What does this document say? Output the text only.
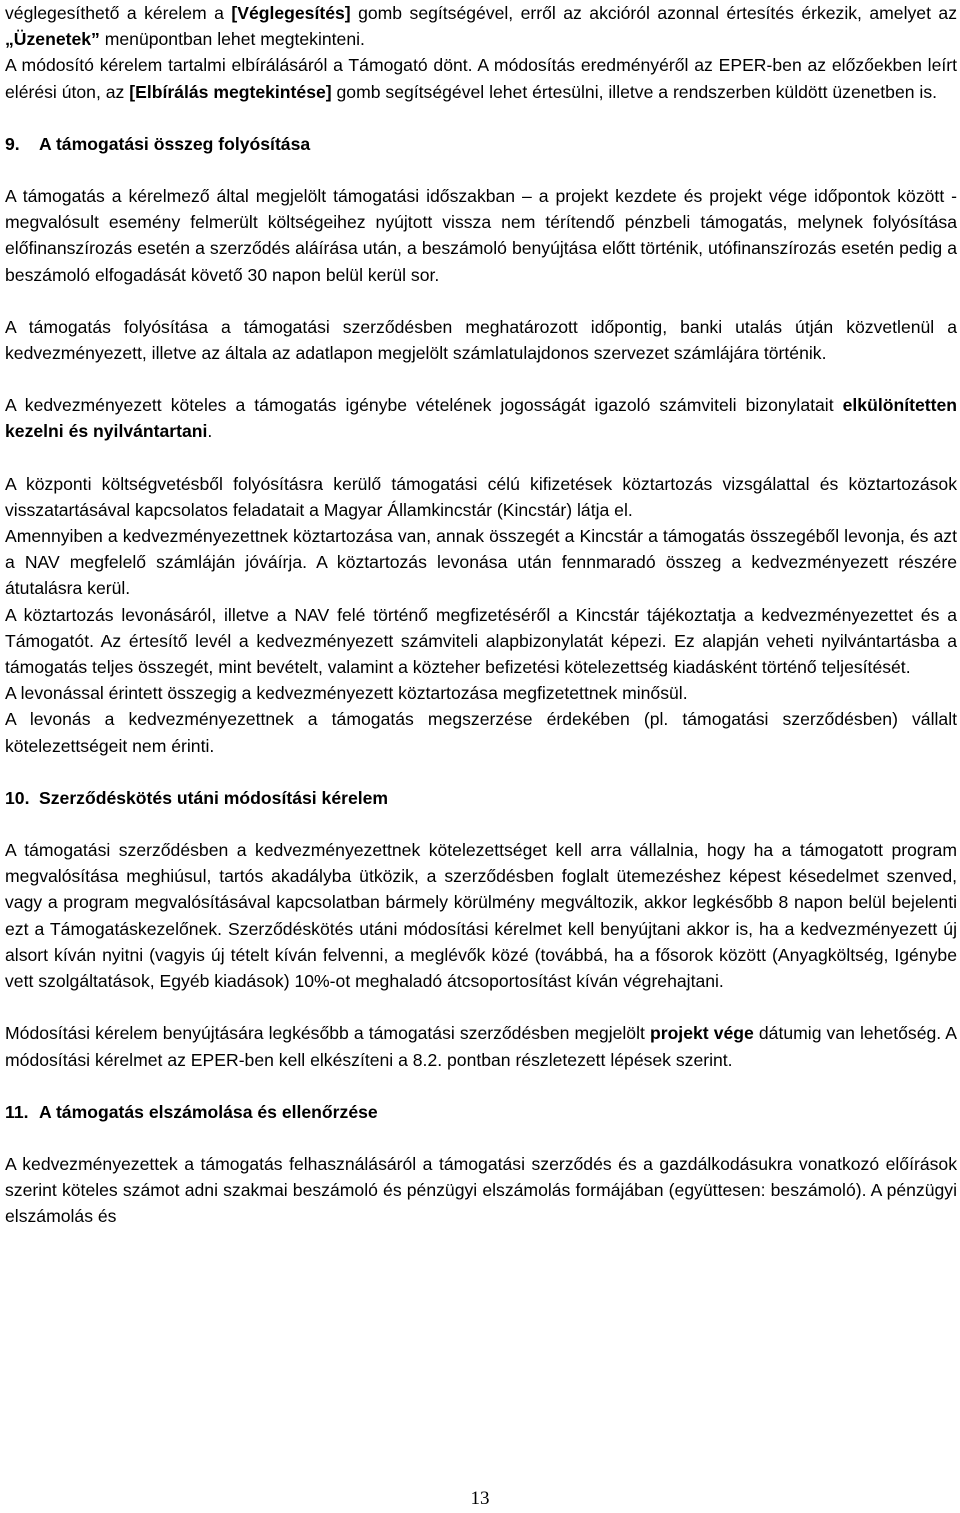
véglegesíthető a kérelem a [Véglegesítés] gomb segítségével, erről az akcióról azonnal értesítés érkezik, amelyet az „Üzenetek” menüpontban lehet megtekinteni.

A módosító kérelem tartalmi elbírálásáról a Támogató dönt. A módosítás eredményéről az EPER-ben az előzőekben leírt elérési úton, az [Elbírálás megtekintése] gomb segítségével lehet értesülni, illetve a rendszerben küldött üzenetben is.

9. A támogatási összeg folyósítása

A támogatás a kérelmező által megjelölt támogatási időszakban – a projekt kezdete és projekt vége időpontok között - megvalósult esemény felmerült költségeihez nyújtott vissza nem térítendő pénzbeli támogatás, melynek folyósítása előfinanszírozás esetén a szerződés aláírása után, a beszámoló benyújtása előtt történik, utófinanszírozás esetén pedig a beszámoló elfogadását követő 30 napon belül kerül sor.

A támogatás folyósítása a támogatási szerződésben meghatározott időpontig, banki utalás útján közvetlenül a kedvezményezett, illetve az általa az adatlapon megjelölt számlatulajdonos szervezet számlájára történik.

A kedvezményezett köteles a támogatás igénybe vételének jogosságát igazoló számviteli bizonylatait elkülönítetten kezelni és nyilvántartani.

A központi költségvetésből folyósításra kerülő támogatási célú kifizetések köztartozás vizsgálattal és köztartozások visszatartásával kapcsolatos feladatait a Magyar Államkincstár (Kincstár) látja el.

Amennyiben a kedvezményezettnek köztartozása van, annak összegét a Kincstár a támogatás összegéből levonja, és azt a NAV megfelelő számláján jóváírja. A köztartozás levonása után fennmaradó összeg a kedvezményezett részére átutalásra kerül.

A köztartozás levonásáról, illetve a NAV felé történő megfizetéséről a Kincstár tájékoztatja a kedvezményezettet és a Támogatót. Az értesítő levél a kedvezményezett számviteli alapbizonylatát képezi. Ez alapján veheti nyilvántartásba a támogatás teljes összegét, mint bevételt, valamint a közteher befizetési kötelezettség kiadásként történő teljesítését.

A levonással érintett összegig a kedvezményezett köztartozása megfizetettnek minősül.

A levonás a kedvezményezettnek a támogatás megszerzése érdekében (pl. támogatási szerződésben) vállalt kötelezettségeit nem érinti.

10. Szerződéskötés utáni módosítási kérelem

A támogatási szerződésben a kedvezményezettnek kötelezettséget kell arra vállalnia, hogy ha a támogatott program megvalósítása meghiúsul, tartós akadályba ütközik, a szerződésben foglalt ütemezéshez képest késedelmet szenved, vagy a program megvalósításával kapcsolatban bármely körülmény megváltozik, akkor legkésőbb 8 napon belül bejelenti ezt a Támogatáskezelőnek. Szerződéskötés utáni módosítási kérelmet kell benyújtani akkor is, ha a kedvezményezett új alsort kíván nyitni (vagyis új tételt kíván felvenni, a meglévők közé (továbbá, ha a fősorok között (Anyagköltség, Igénybe vett szolgáltatások, Egyéb kiadások) 10%-ot meghaladó átcsoportosítást kíván végrehajtani.

Módosítási kérelem benyújtására legkésőbb a támogatási szerződésben megjelölt projekt vége dátumig van lehetőség. A módosítási kérelmet az EPER-ben kell elkészíteni a 8.2. pontban részletezett lépések szerint.

11. A támogatás elszámolása és ellenőrzése

A kedvezményezettek a támogatás felhasználásáról a támogatási szerződés és a gazdálkodásukra vonatkozó előírások szerint köteles számot adni szakmai beszámoló és pénzügyi elszámolás formájában (együttesen: beszámoló). A pénzügyi elszámolás és

13
